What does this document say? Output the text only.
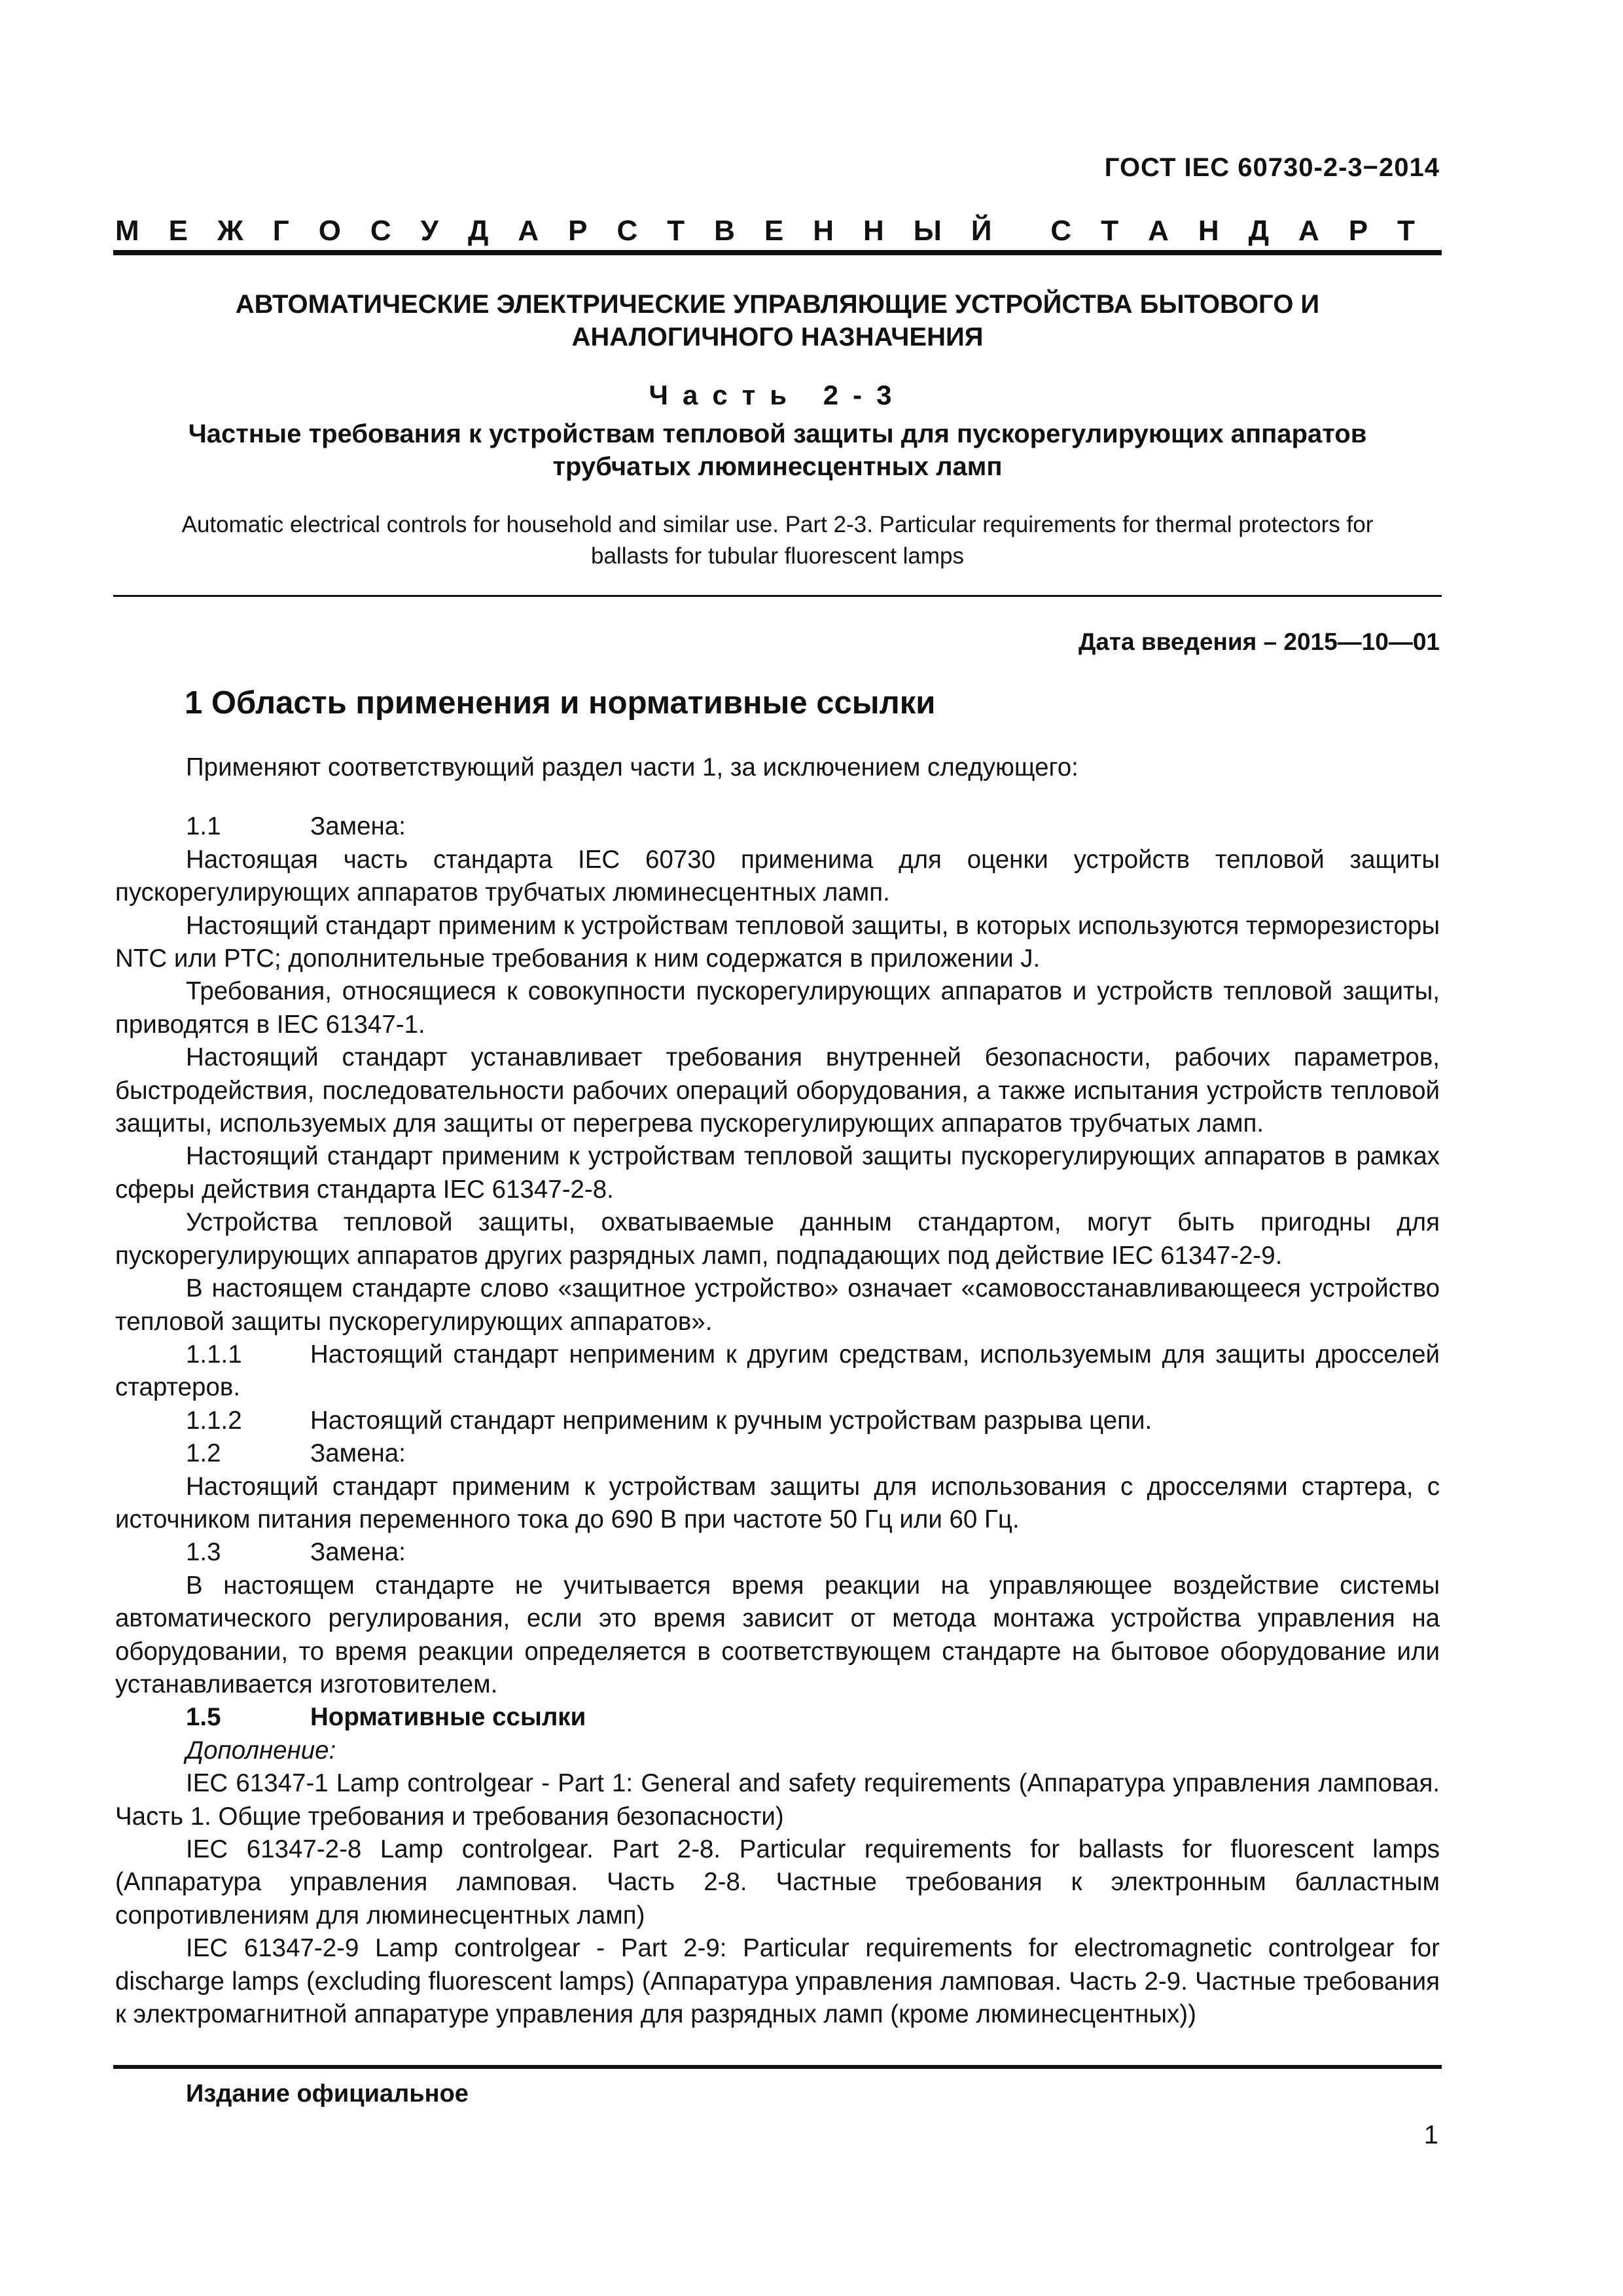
ГОСТ IEC 60730-2-3−2014
М Е Ж Г О С У Д А Р С Т В Е Н Н Ы Й С Т А Н Д А Р Т
АВТОМАТИЧЕСКИЕ ЭЛЕКТРИЧЕСКИЕ УПРАВЛЯЮЩИЕ УСТРОЙСТВА БЫТОВОГО И
АНАЛОГИЧНОГО НАЗНАЧЕНИЯ
Часть 2-3
Частные требования к устройствам тепловой защиты для пускорегулирующих аппаратов
трубчатых люминесцентных ламп
Automatic electrical controls for household and similar use. Part 2-3. Particular requirements for thermal protectors for
ballasts for tubular fluorescent lamps
Дата введения – 2015—10—01
1 Область применения и нормативные ссылки

Применяют соответствующий раздел части 1, за исключением следующего:

1.1	Замена:

Настоящая часть стандарта IEC 60730 применима для оценки устройств тепловой защиты пускорегулирующих аппаратов трубчатых люминесцентных ламп.

Настоящий стандарт применим к устройствам тепловой защиты, в которых используются терморезисторы NTC или PTC; дополнительные требования к ним содержатся в приложении J.

Требования, относящиеся к совокупности пускорегулирующих аппаратов и устройств тепловой защиты, приводятся в IEC 61347-1.

Настоящий стандарт устанавливает требования внутренней безопасности, рабочих параметров, быстродействия, последовательности рабочих операций оборудования, а также испытания устройств тепловой защиты, используемых для защиты от перегрева пускорегулирующих аппаратов трубчатых ламп.

Настоящий стандарт применим к устройствам тепловой защиты пускорегулирующих аппаратов в рамках сферы действия стандарта IEC 61347-2-8.

Устройства тепловой защиты, охватываемые данным стандартом, могут быть пригодны для пускорегулирующих аппаратов других разрядных ламп, подпадающих под действие IEC 61347-2-9.

В настоящем стандарте слово «защитное устройство» означает «самовосстанавливающееся устройство тепловой защиты пускорегулирующих аппаратов».

1.1.1	Настоящий стандарт неприменим к другим средствам, используемым для защиты дросселей стартеров.

1.1.2	Настоящий стандарт неприменим к ручным устройствам разрыва цепи.

1.2	Замена:

Настоящий стандарт применим к устройствам защиты для использования с дросселями стартера, с источником питания переменного тока до 690 В при частоте 50 Гц или 60 Гц.

1.3	Замена:

В настоящем стандарте не учитывается время реакции на управляющее воздействие системы автоматического регулирования, если это время зависит от метода монтажа устройства управления на оборудовании, то время реакции определяется в соответствующем стандарте на бытовое оборудование или устанавливается изготовителем.

1.5	Нормативные ссылки

Дополнение:

IEC 61347-1 Lamp controlgear - Part 1: General and safety requirements (Аппаратура управления ламповая. Часть 1. Общие требования и требования безопасности)

IEC 61347-2-8 Lamp controlgear. Part 2-8. Particular requirements for ballasts for fluorescent lamps (Аппаратура управления ламповая. Часть 2-8. Частные требования к электронным балластным сопротивлениям для люминесцентных ламп)

IEC 61347-2-9 Lamp controlgear - Part 2-9: Particular requirements for electromagnetic controlgear for discharge lamps (excluding fluorescent lamps) (Аппаратура управления ламповая. Часть 2-9. Частные требования к электромагнитной аппаратуре управления для разрядных ламп (кроме люминесцентных))

Издание официальное
1
